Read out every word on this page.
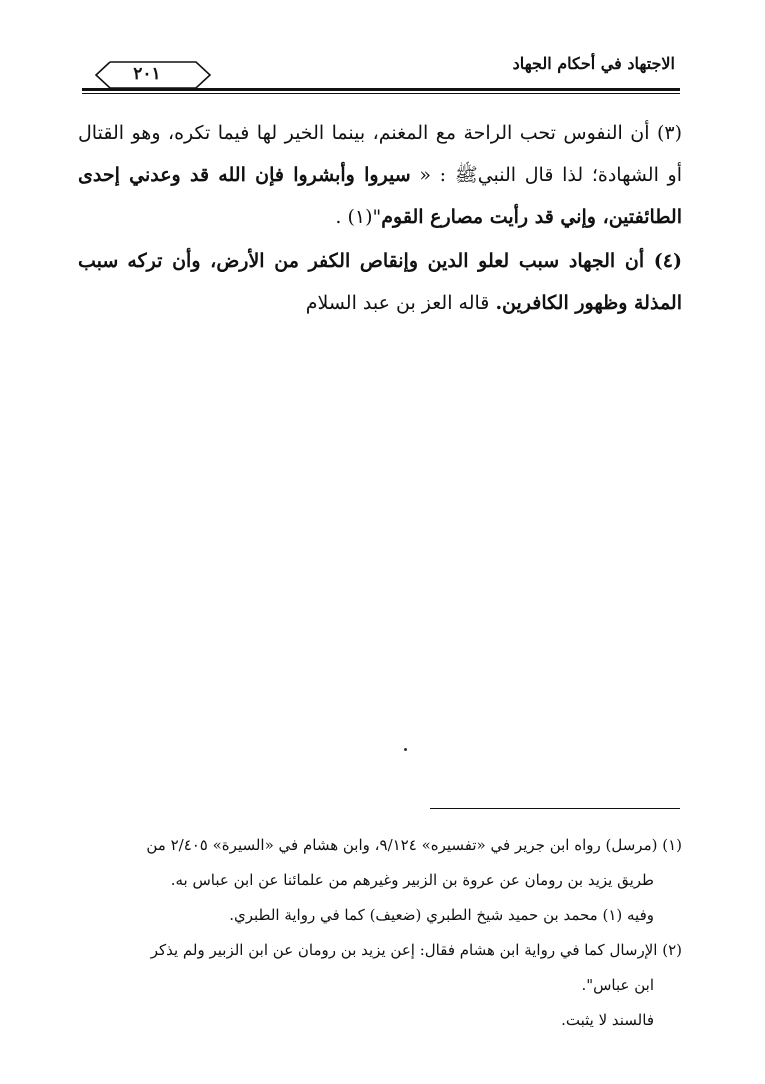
الاجتهاد في أحكام الجهاد
٢٠١

(٣) أن النفوس تحب الراحة مع المغنم، بينما الخير لها فيما تكره، وهو القتال أو الشهادة؛ لذا قال النبيﷺ : « سيروا وأبشروا فإن الله قد وعدني إحدى الطائفتين، وإني قد رأيت مصارع القوم"(١) .

(٤) أن الجهاد سبب لعلو الدين وإنقاص الكفر من الأرض، وأن تركه سبب المذلة وظهور الكافرين. قاله العز بن عبد السلام

(١) (مرسل) رواه ابن جرير في «تفسيره» ٩/١٢٤، وابن هشام في «السيرة» ٢/٤٠٥ من

طريق يزيد بن رومان عن عروة بن الزبير وغيرهم من علمائنا عن ابن عباس به.

وفيه (١) محمد بن حميد شيخ الطبري (ضعيف) كما في رواية الطبري.

(٢) الإرسال كما في رواية ابن هشام فقال: إعن يزيد بن رومان عن ابن الزبير ولم يذكر

ابن عباس".

فالسند لا يثبت.
